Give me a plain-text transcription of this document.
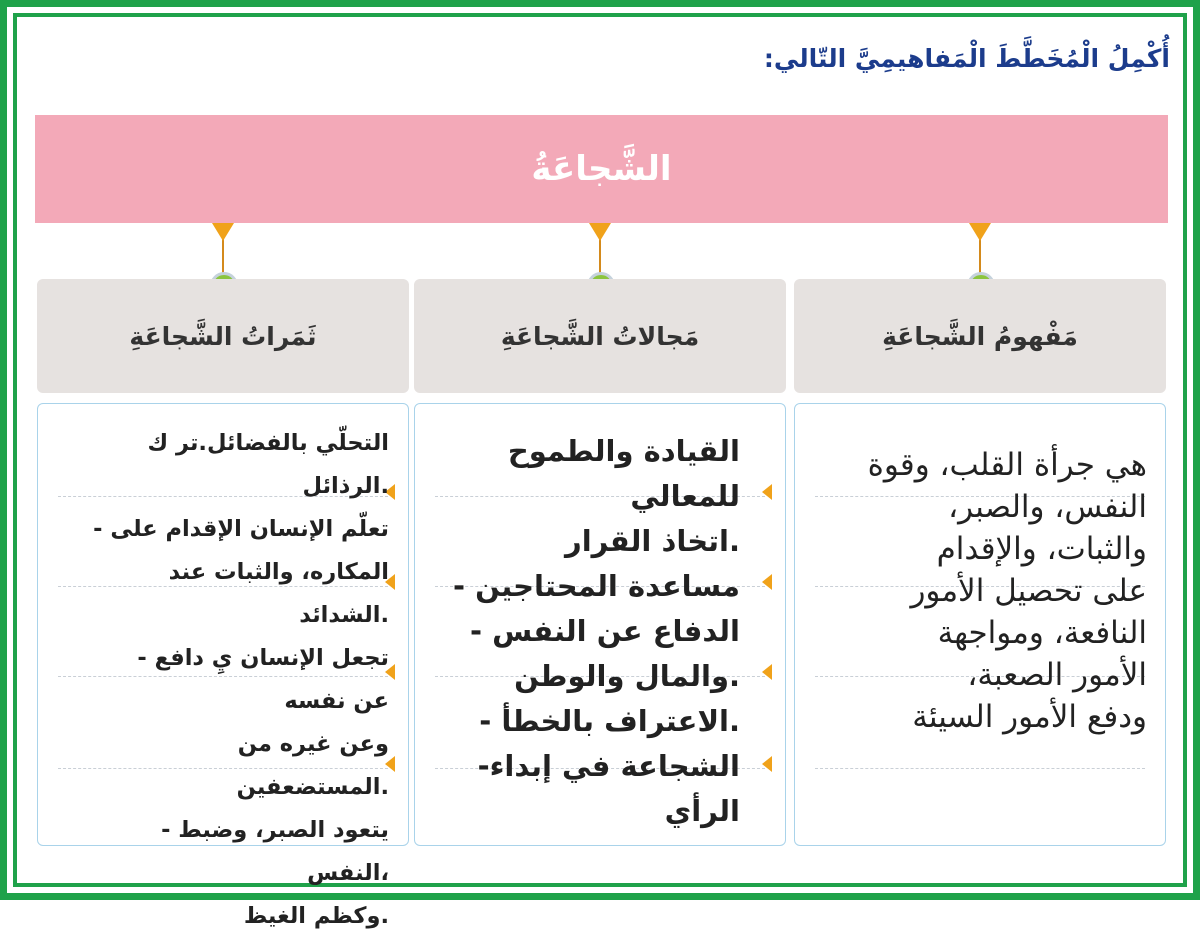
أُكْمِلُ الْمُخَطَّطَ الْمَفاهيمِيَّ التّالي:
الشَّجاعَةُ
مَفْهومُ الشَّجاعَةِ
مَجالاتُ الشَّجاعَةِ
ثَمَراتُ الشَّجاعَةِ
هي جرأة القلب، وقوة
النفس، والصبر،
والثبات، والإقدام
على تحصيل الأمور
النافعة، ومواجهة
الأمور الصعبة،
ودفع الأمور السيئة
القيادة والطموح للمعالي
.اتخاذ القرار
مساعدة المحتاجين -
الدفاع عن النفس -
.والمال والوطن
.الاعتراف بالخطأ -
الشجاعة في إبداء-
الرأي
التحلّي بالفضائل.تر ك
.الرذائل
تعلّم الإنسان الإقدام على -
المكاره، والثبات عند
.الشدائد
تجعل الإنسان يِ دافع -
عن نفسه
وعن غيره من
.المستضعفين
يتعود الصبر، وضبط -
،النفس
.وكظم الغيظ
